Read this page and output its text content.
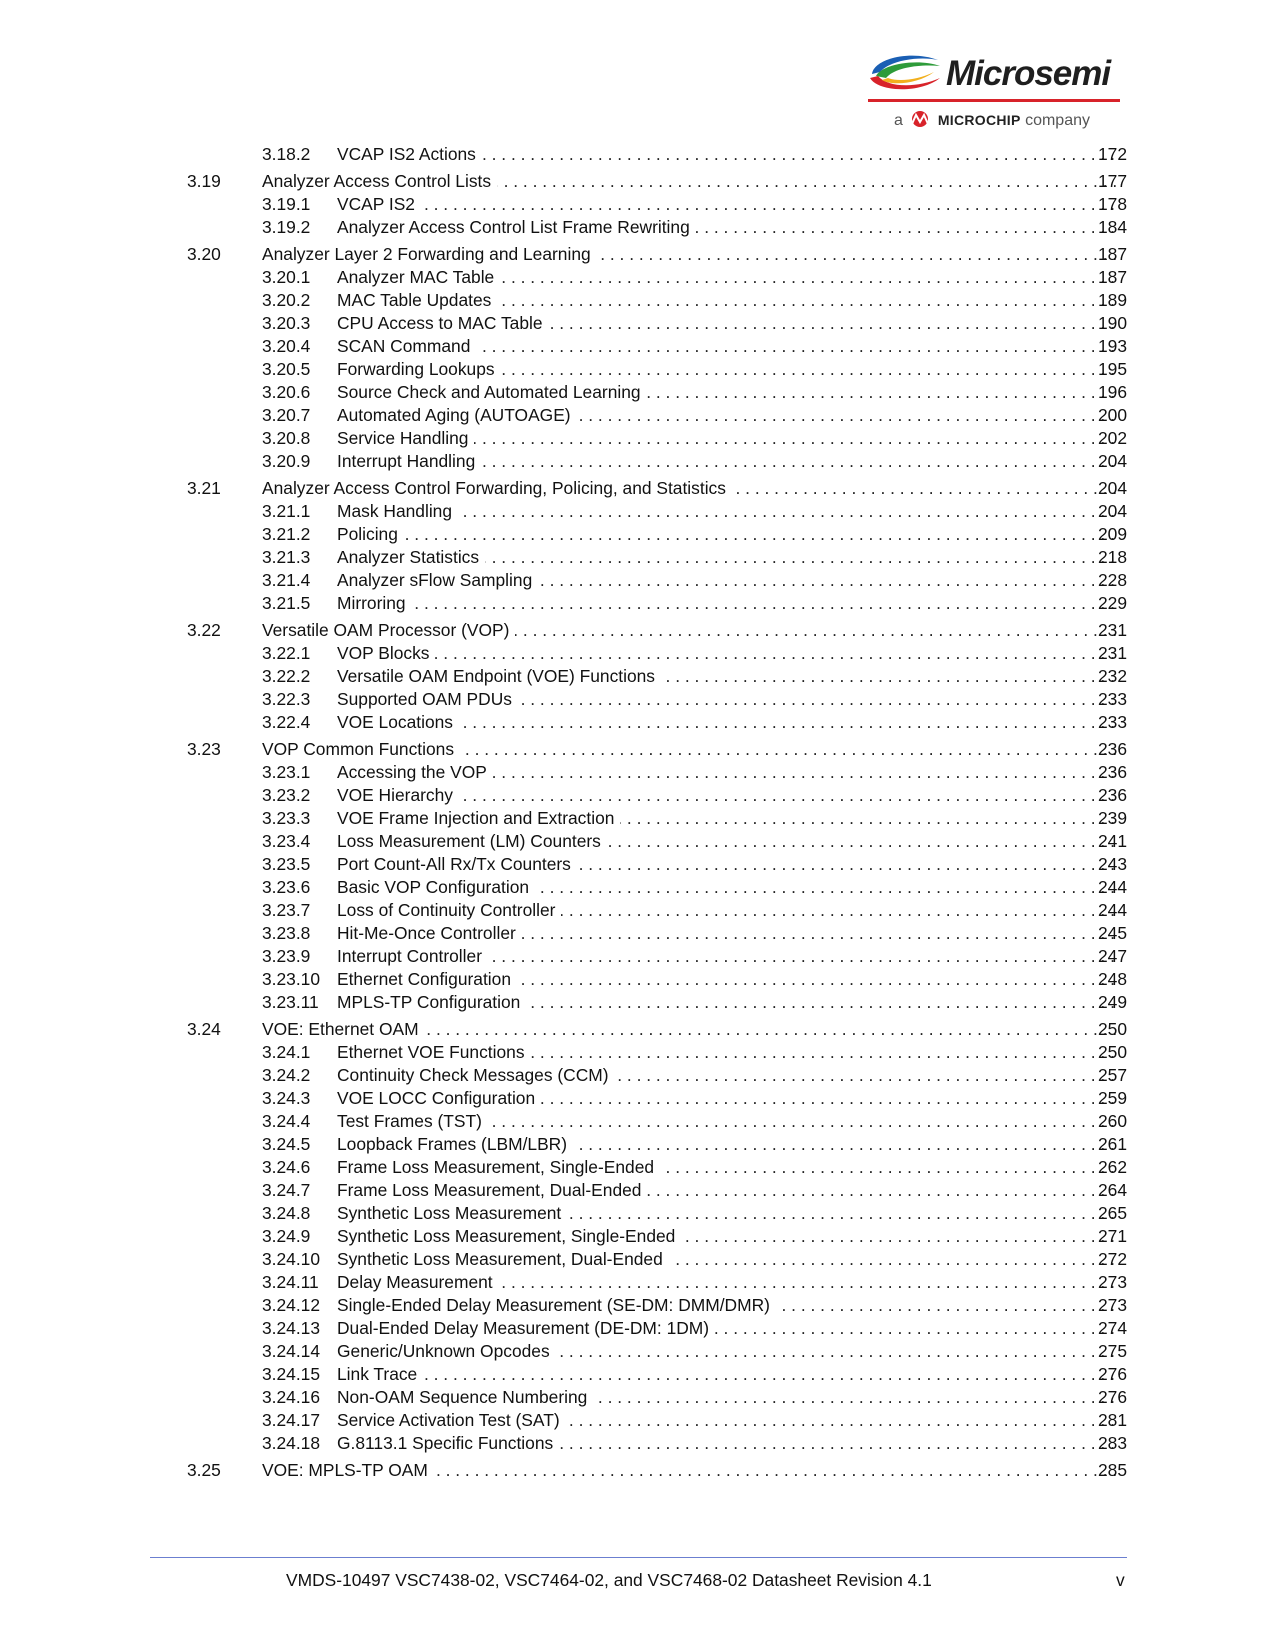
Microsemi
a MICROCHIP company
3.18.2 VCAP IS2 Actions . . .	172
3.19 Analyzer Access Control Lists . . .	177
3.19.1 VCAP IS2 . . .	178
3.19.2 Analyzer Access Control List Frame Rewriting . . .	184
3.20 Analyzer Layer 2 Forwarding and Learning . . .	187
3.20.1 Analyzer MAC Table . . .	187
3.20.2 MAC Table Updates . . .	189
3.20.3 CPU Access to MAC Table . . .	190
3.20.4 SCAN Command . . .	193
3.20.5 Forwarding Lookups . . .	195
3.20.6 Source Check and Automated Learning . . .	196
3.20.7 Automated Aging (AUTOAGE) . . .	200
3.20.8 Service Handling . . .	202
3.20.9 Interrupt Handling . . .	204
3.21 Analyzer Access Control Forwarding, Policing, and Statistics . . .	204
3.21.1 Mask Handling . . .	204
3.21.2 Policing . . .	209
3.21.3 Analyzer Statistics . . .	218
3.21.4 Analyzer sFlow Sampling . . .	228
3.21.5 Mirroring . . .	229
3.22 Versatile OAM Processor (VOP) . . .	231
3.22.1 VOP Blocks . . .	231
3.22.2 Versatile OAM Endpoint (VOE) Functions . . .	232
3.22.3 Supported OAM PDUs . . .	233
3.22.4 VOE Locations . . .	233
3.23 VOP Common Functions . . .	236
3.23.1 Accessing the VOP . . .	236
3.23.2 VOE Hierarchy . . .	236
3.23.3 VOE Frame Injection and Extraction . . .	239
3.23.4 Loss Measurement (LM) Counters . . .	241
3.23.5 Port Count-All Rx/Tx Counters . . .	243
3.23.6 Basic VOP Configuration . . .	244
3.23.7 Loss of Continuity Controller . . .	244
3.23.8 Hit-Me-Once Controller . . .	245
3.23.9 Interrupt Controller . . .	247
3.23.10 Ethernet Configuration . . .	248
3.23.11 MPLS-TP Configuration . . .	249
3.24 VOE: Ethernet OAM . . .	250
3.24.1 Ethernet VOE Functions . . .	250
3.24.2 Continuity Check Messages (CCM) . . .	257
3.24.3 VOE LOCC Configuration . . .	259
3.24.4 Test Frames (TST) . . .	260
3.24.5 Loopback Frames (LBM/LBR) . . .	261
3.24.6 Frame Loss Measurement, Single-Ended . . .	262
3.24.7 Frame Loss Measurement, Dual-Ended . . .	264
3.24.8 Synthetic Loss Measurement . . .	265
3.24.9 Synthetic Loss Measurement, Single-Ended . . .	271
3.24.10 Synthetic Loss Measurement, Dual-Ended . . .	272
3.24.11 Delay Measurement . . .	273
3.24.12 Single-Ended Delay Measurement (SE-DM: DMM/DMR) . . .	273
3.24.13 Dual-Ended Delay Measurement (DE-DM: 1DM) . . .	274
3.24.14 Generic/Unknown Opcodes . . .	275
3.24.15 Link Trace . . .	276
3.24.16 Non-OAM Sequence Numbering . . .	276
3.24.17 Service Activation Test (SAT) . . .	281
3.24.18 G.8113.1 Specific Functions . . .	283
3.25 VOE: MPLS-TP OAM . . .	285
VMDS-10497 VSC7438-02, VSC7464-02, and VSC7468-02 Datasheet Revision 4.1	v
